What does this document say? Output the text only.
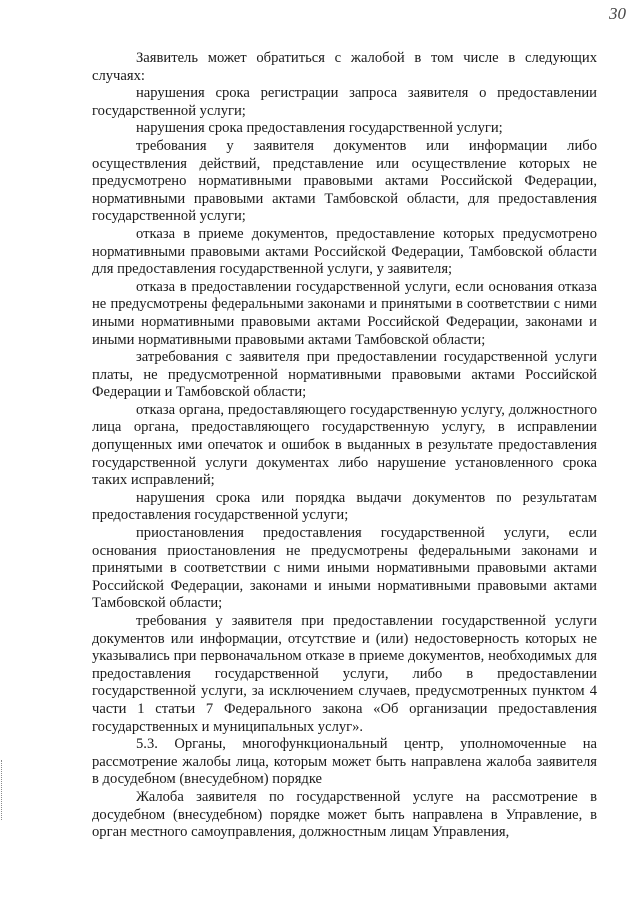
30

Заявитель может обратиться с жалобой в том числе в следующих случаях:

нарушения срока регистрации запроса заявителя о предоставлении государственной услуги;

нарушения срока предоставления государственной услуги;

требования у заявителя документов или информации либо осуществления действий, представление или осуществление которых не предусмотрено нормативными правовыми актами Российской Федерации, нормативными правовыми актами Тамбовской области, для предоставления государственной услуги;

отказа в приеме документов, предоставление которых предусмотрено нормативными правовыми актами Российской Федерации, Тамбовской области для предоставления государственной услуги, у заявителя;

отказа в предоставлении государственной услуги, если основания отказа не предусмотрены федеральными законами и принятыми в соответствии с ними иными нормативными правовыми актами Российской Федерации, законами и иными нормативными правовыми актами Тамбовской области;

затребования с заявителя при предоставлении государственной услуги платы, не предусмотренной нормативными правовыми актами Российской Федерации и Тамбовской области;

отказа органа, предоставляющего государственную услугу, должностного лица органа, предоставляющего государственную услугу, в исправлении допущенных ими опечаток и ошибок в выданных в результате предоставления государственной услуги документах либо нарушение установленного срока таких исправлений;

нарушения срока или порядка выдачи документов по результатам предоставления государственной услуги;

приостановления предоставления государственной услуги, если основания приостановления не предусмотрены федеральными законами и принятыми в соответствии с ними иными нормативными правовыми актами Российской Федерации, законами и иными нормативными правовыми актами Тамбовской области;

требования у заявителя при предоставлении государственной услуги документов или информации, отсутствие и (или) недостоверность которых не указывались при первоначальном отказе в приеме документов, необходимых для предоставления государственной услуги, либо в предоставлении государственной услуги, за исключением случаев, предусмотренных пунктом 4 части 1 статьи 7 Федерального закона «Об организации предоставления государственных и муниципальных услуг».

5.3. Органы, многофункциональный центр, уполномоченные на рассмотрение жалобы лица, которым может быть направлена жалоба заявителя в досудебном (внесудебном) порядке

Жалоба заявителя по государственной услуге на рассмотрение в досудебном (внесудебном) порядке может быть направлена в Управление, в орган местного самоуправления, должностным лицам Управления,
